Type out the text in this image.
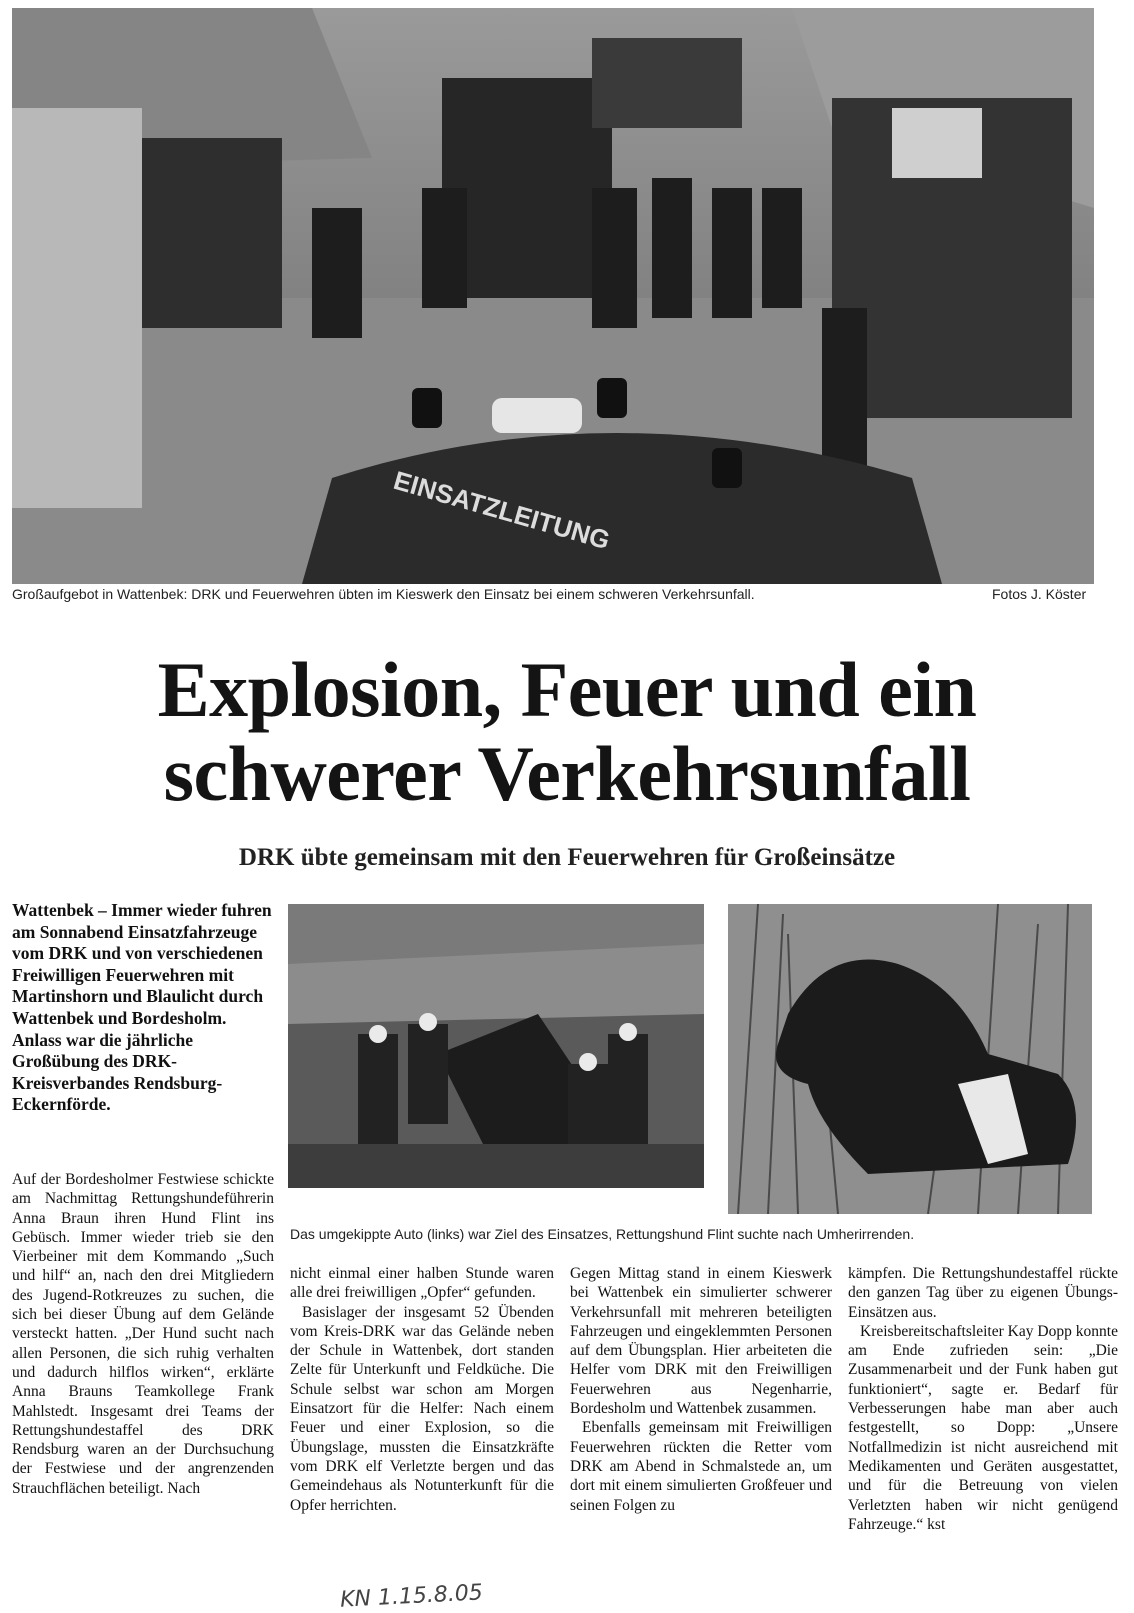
EINSATZLEITUNG
Großaufgebot in Wattenbek: DRK und Feuerwehren übten im Kieswerk den Einsatz bei einem schweren Verkehrsunfall.	Fotos J. Köster
Explosion, Feuer und ein
schwerer Verkehrsunfall
DRK übte gemeinsam mit den Feuerwehren für Großeinsätze
Wattenbek – Immer wieder fuhren am Sonnabend Einsatzfahrzeuge vom DRK und von verschiedenen Freiwilligen Feuerwehren mit Martinshorn und Blaulicht durch Wattenbek und Bordesholm. Anlass war die jährliche Großübung des DRK-Kreisverbandes Rendsburg-Eckernförde.
Das umgekippte Auto (links) war Ziel des Einsatzes, Rettungshund Flint suchte nach Umherirrenden.

Auf der Bordesholmer Festwiese schickte am Nachmittag Rettungshundeführerin Anna Braun ihren Hund Flint ins Gebüsch. Immer wieder trieb sie den Vierbeiner mit dem Kommando „Such und hilf“ an, nach den drei Mitgliedern des Jugend-Rotkreuzes zu suchen, die sich bei dieser Übung auf dem Gelände versteckt hatten. „Der Hund sucht nach allen Personen, die sich ruhig verhalten und dadurch hilflos wirken“, erklärte Anna Brauns Teamkollege Frank Mahlstedt. Insgesamt drei Teams der Rettungshundestaffel des DRK Rendsburg waren an der Durchsuchung der Festwiese und der angrenzenden Strauchflächen beteiligt. Nach

nicht einmal einer halben Stunde waren alle drei freiwilligen „Opfer“ gefunden.

Basislager der insgesamt 52 Übenden vom Kreis-DRK war das Gelände neben der Schule in Wattenbek, dort standen Zelte für Unterkunft und Feldküche. Die Schule selbst war schon am Morgen Einsatzort für die Helfer: Nach einem Feuer und einer Explosion, so die Übungslage, mussten die Einsatzkräfte vom DRK elf Verletzte bergen und das Gemeindehaus als Notunterkunft für die Opfer herrichten.

Gegen Mittag stand in einem Kieswerk bei Wattenbek ein simulierter schwerer Verkehrsunfall mit mehreren beteiligten Fahrzeugen und eingeklemmten Personen auf dem Übungsplan. Hier arbeiteten die Helfer vom DRK mit den Freiwilligen Feuerwehren aus Negenharrie, Bordesholm und Wattenbek zusammen.

Ebenfalls gemeinsam mit Freiwilligen Feuerwehren rückten die Retter vom DRK am Abend in Schmalstede an, um dort mit einem simulierten Großfeuer und seinen Folgen zu

kämpfen. Die Rettungshundestaffel rückte den ganzen Tag über zu eigenen Übungs-Einsätzen aus.

Kreisbereitschaftsleiter Kay Dopp konnte am Ende zufrieden sein: „Die Zusammenarbeit und der Funk haben gut funktioniert“, sagte er. Bedarf für Verbesserungen habe man aber auch festgestellt, so Dopp: „Unsere Notfallmedizin ist nicht ausreichend mit Medikamenten und Geräten ausgestattet, und für die Betreuung von vielen Verletzten haben wir nicht genügend Fahrzeuge.“ kst

KN 1.15.8.05
